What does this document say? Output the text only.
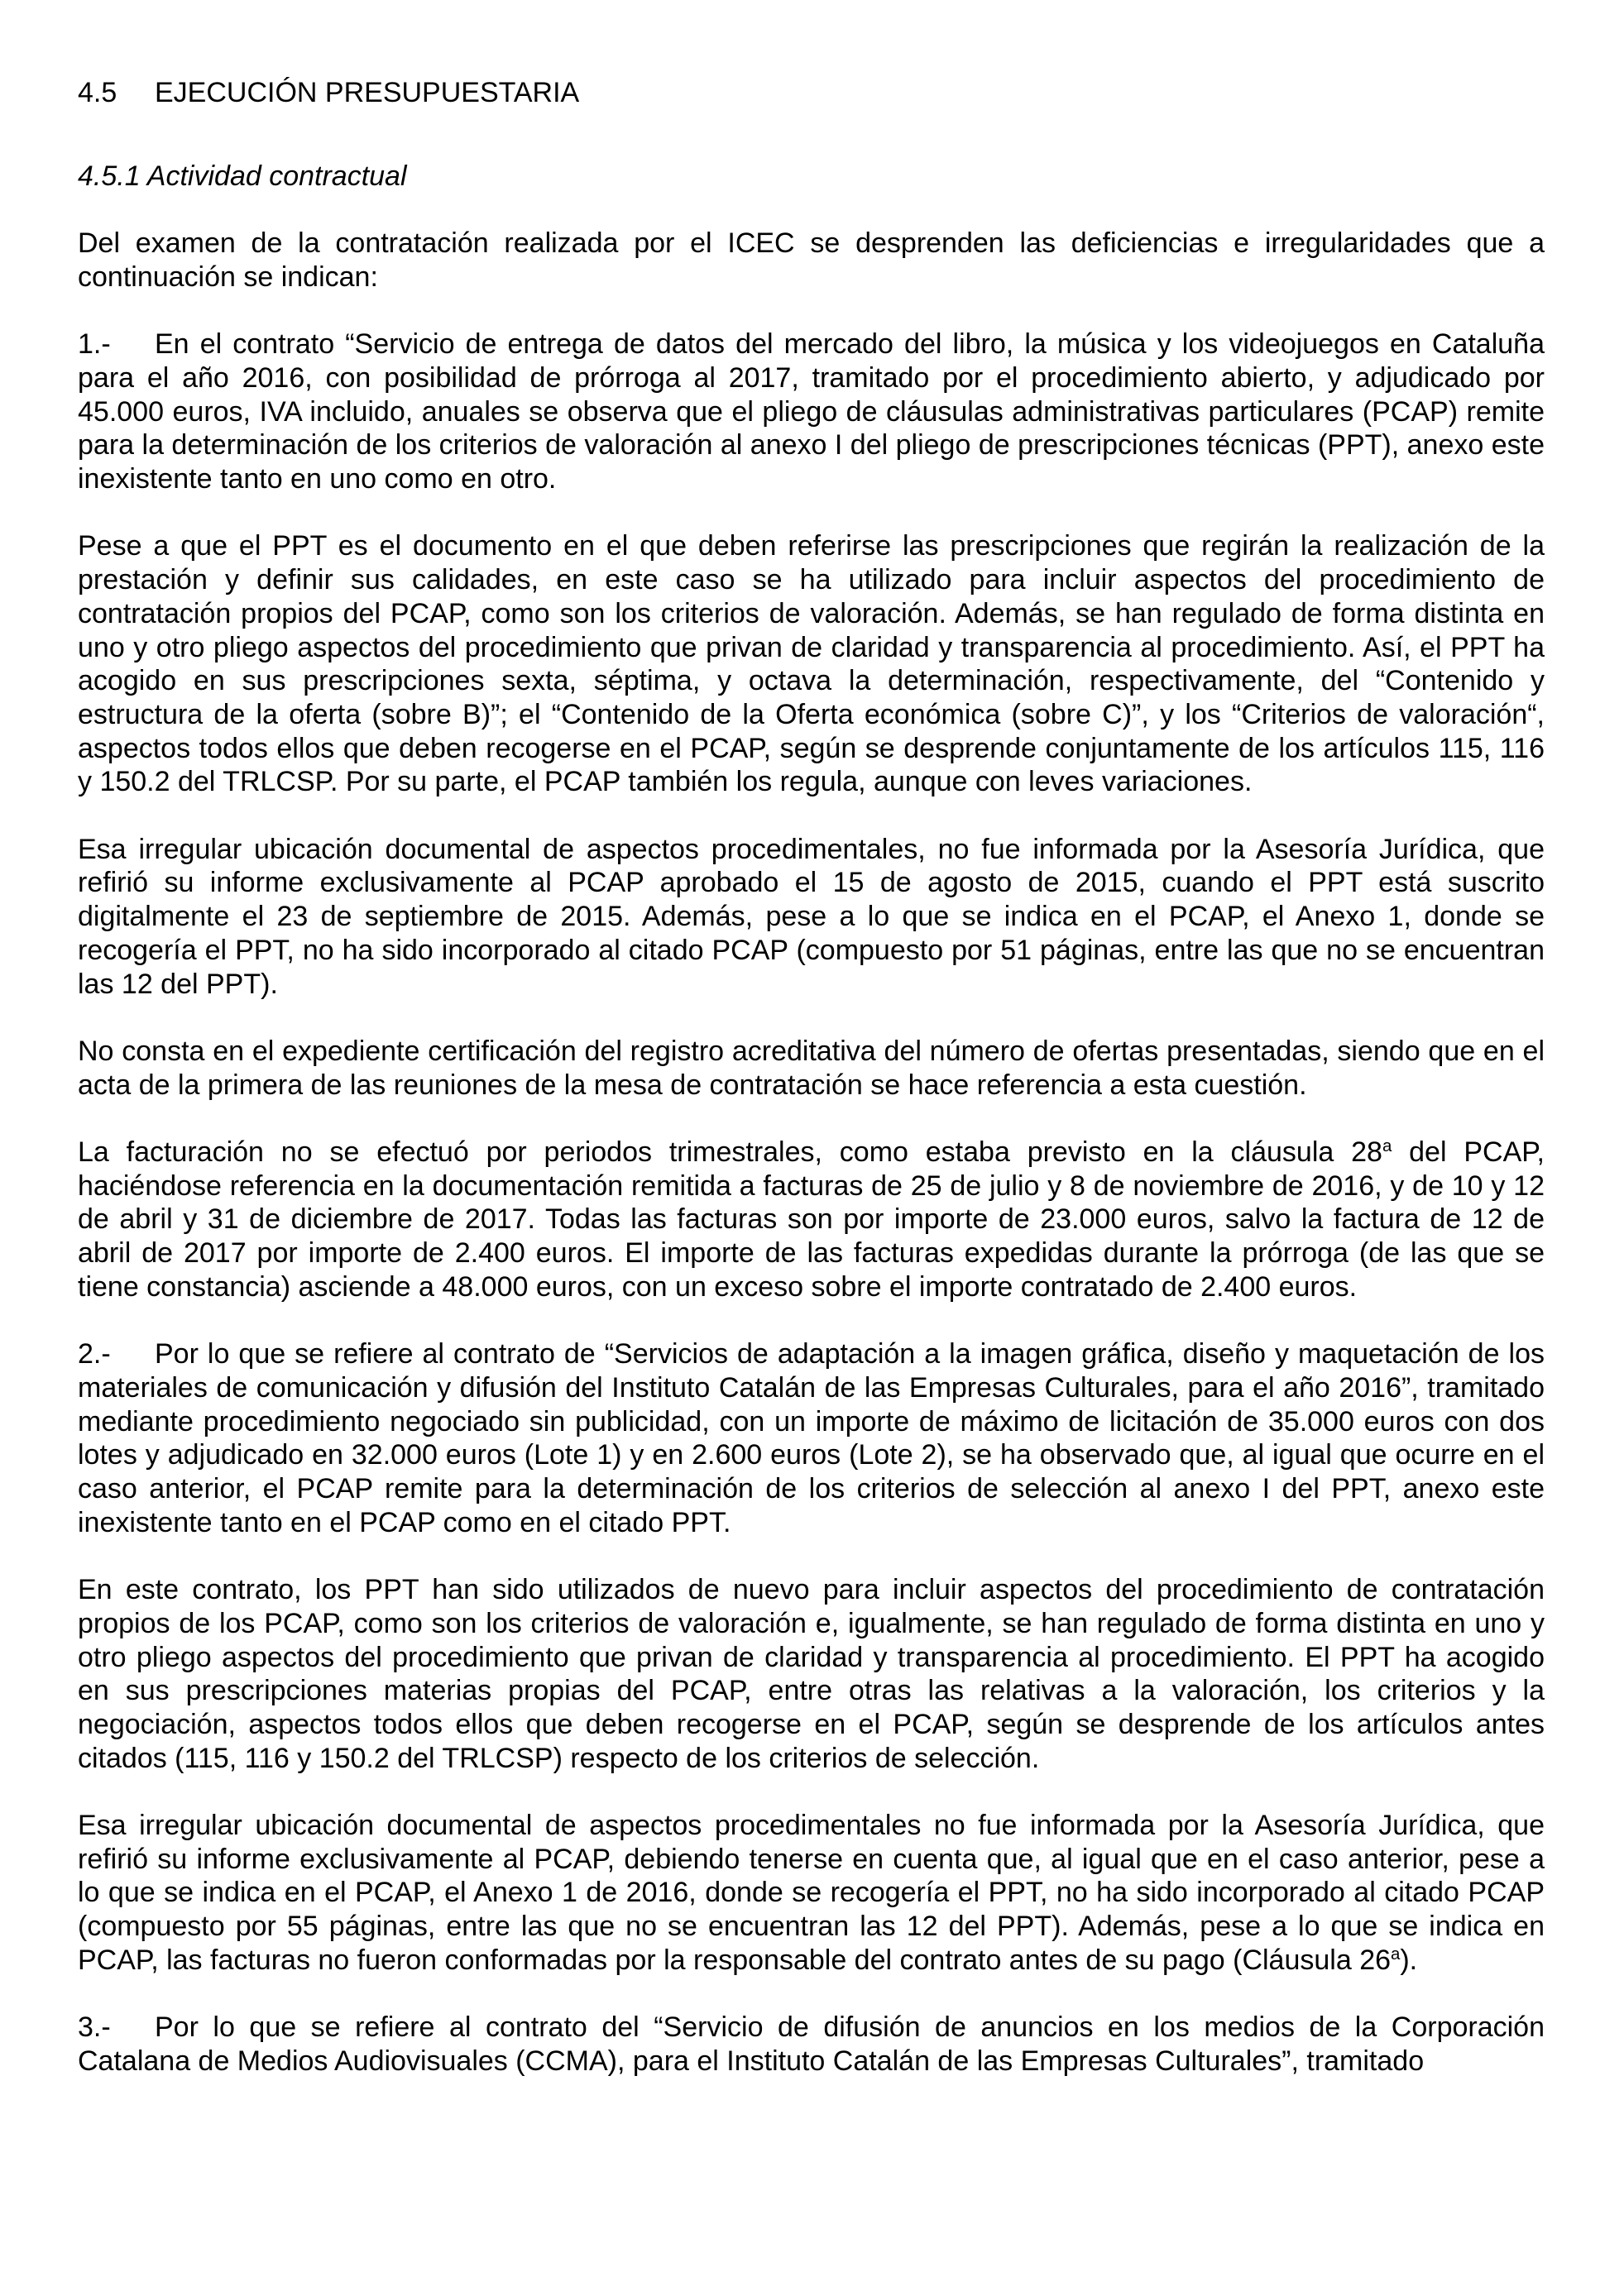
4.5 EJECUCIÓN PRESUPUESTARIA
4.5.1 Actividad contractual

Del examen de la contratación realizada por el ICEC se desprenden las deficiencias e irregularidades que a continuación se indican:

1.- En el contrato “Servicio de entrega de datos del mercado del libro, la música y los videojuegos en Cataluña para el año 2016, con posibilidad de prórroga al 2017, tramitado por el procedimiento abierto, y adjudicado por 45.000 euros, IVA incluido, anuales se observa que el pliego de cláusulas administrativas particulares (PCAP) remite para la determinación de los criterios de valoración al anexo I del pliego de prescripciones técnicas (PPT), anexo este inexistente tanto en uno como en otro.

Pese a que el PPT es el documento en el que deben referirse las prescripciones que regirán la realización de la prestación y definir sus calidades, en este caso se ha utilizado para incluir aspectos del procedimiento de contratación propios del PCAP, como son los criterios de valoración. Además, se han regulado de forma distinta en uno y otro pliego aspectos del procedimiento que privan de claridad y transparencia al procedimiento. Así, el PPT ha acogido en sus prescripciones sexta, séptima, y octava la determinación, respectivamente, del “Contenido y estructura de la oferta (sobre B)”; el “Contenido de la Oferta económica (sobre C)”, y los “Criterios de valoración“, aspectos todos ellos que deben recogerse en el PCAP, según se desprende conjuntamente de los artículos 115, 116 y 150.2 del TRLCSP. Por su parte, el PCAP también los regula, aunque con leves variaciones.

Esa irregular ubicación documental de aspectos procedimentales, no fue informada por la Asesoría Jurídica, que refirió su informe exclusivamente al PCAP aprobado el 15 de agosto de 2015, cuando el PPT está suscrito digitalmente el 23 de septiembre de 2015. Además, pese a lo que se indica en el PCAP, el Anexo 1, donde se recogería el PPT, no ha sido incorporado al citado PCAP (compuesto por 51 páginas, entre las que no se encuentran las 12 del PPT).

No consta en el expediente certificación del registro acreditativa del número de ofertas presentadas, siendo que en el acta de la primera de las reuniones de la mesa de contratación se hace referencia a esta cuestión.

La facturación no se efectuó por periodos trimestrales, como estaba previsto en la cláusula 28$^a$ del PCAP, haciéndose referencia en la documentación remitida a facturas de 25 de julio y 8 de noviembre de 2016, y de 10 y 12 de abril y 31 de diciembre de 2017. Todas las facturas son por importe de 23.000 euros, salvo la factura de 12 de abril de 2017 por importe de 2.400 euros. El importe de las facturas expedidas durante la prórroga (de las que se tiene constancia) asciende a 48.000 euros, con un exceso sobre el importe contratado de 2.400 euros.

2.- Por lo que se refiere al contrato de “Servicios de adaptación a la imagen gráfica, diseño y maquetación de los materiales de comunicación y difusión del Instituto Catalán de las Empresas Culturales, para el año 2016”, tramitado mediante procedimiento negociado sin publicidad, con un importe de máximo de licitación de 35.000 euros con dos lotes y adjudicado en 32.000 euros (Lote 1) y en 2.600 euros (Lote 2), se ha observado que, al igual que ocurre en el caso anterior, el PCAP remite para la determinación de los criterios de selección al anexo I del PPT, anexo este inexistente tanto en el PCAP como en el citado PPT.

En este contrato, los PPT han sido utilizados de nuevo para incluir aspectos del procedimiento de contratación propios de los PCAP, como son los criterios de valoración e, igualmente, se han regulado de forma distinta en uno y otro pliego aspectos del procedimiento que privan de claridad y transparencia al procedimiento. El PPT ha acogido en sus prescripciones materias propias del PCAP, entre otras las relativas a la valoración, los criterios y la negociación, aspectos todos ellos que deben recogerse en el PCAP, según se desprende de los artículos antes citados (115, 116 y 150.2 del TRLCSP) respecto de los criterios de selección.

Esa irregular ubicación documental de aspectos procedimentales no fue informada por la Asesoría Jurídica, que refirió su informe exclusivamente al PCAP, debiendo tenerse en cuenta que, al igual que en el caso anterior, pese a lo que se indica en el PCAP, el Anexo 1 de 2016, donde se recogería el PPT, no ha sido incorporado al citado PCAP (compuesto por 55 páginas, entre las que no se encuentran las 12 del PPT). Además, pese a lo que se indica en PCAP, las facturas no fueron conformadas por la responsable del contrato antes de su pago (Cláusula 26$^a$).

3.- Por lo que se refiere al contrato del “Servicio de difusión de anuncios en los medios de la Corporación Catalana de Medios Audiovisuales (CCMA), para el Instituto Catalán de las Empresas Culturales”, tramitado
